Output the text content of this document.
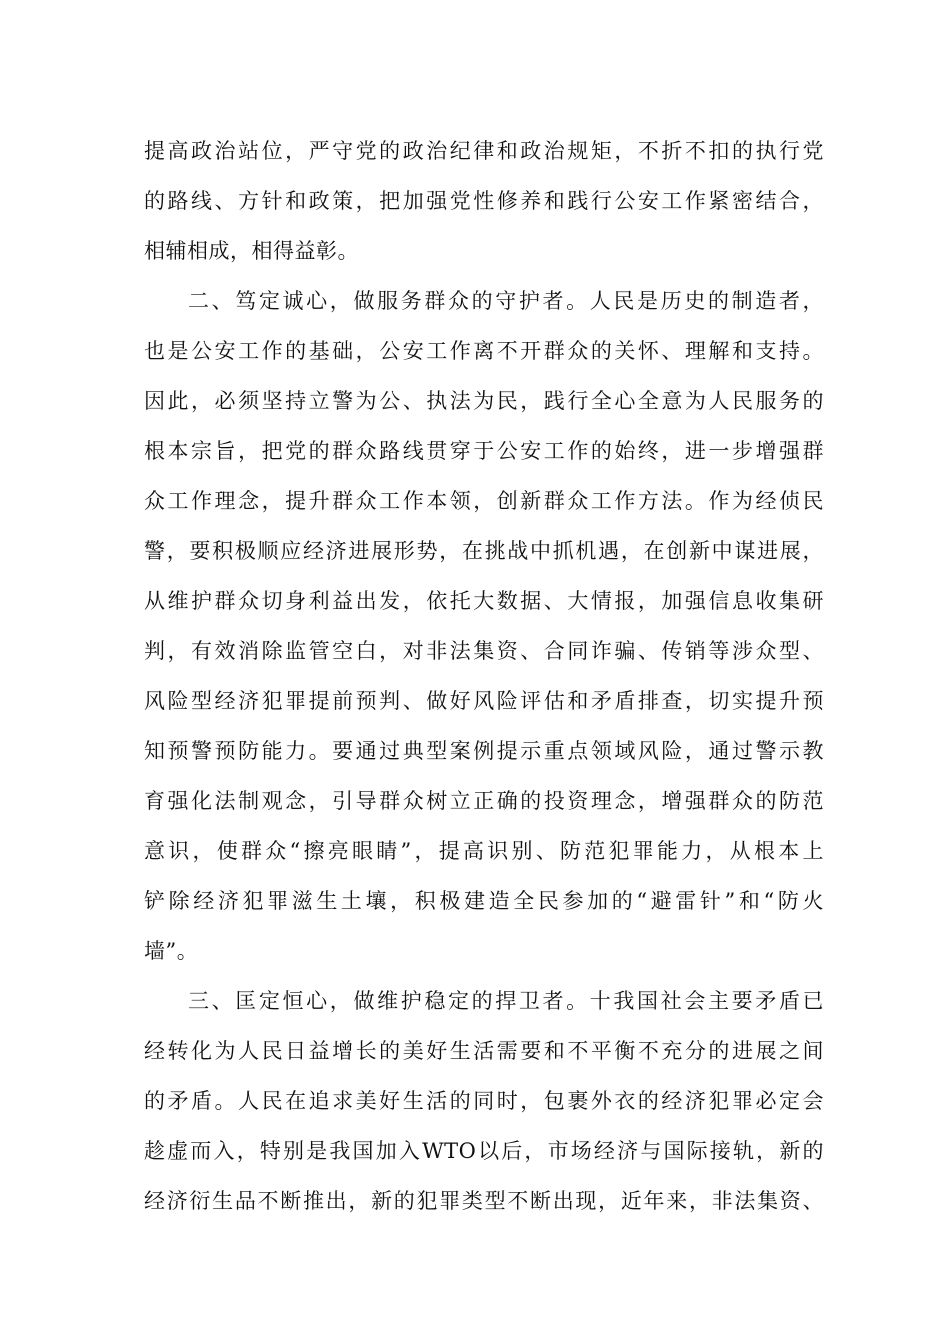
提高政治站位，严守党的政治纪律和政治规矩，不折不扣的执行党
的路线、方针和政策，把加强党性修养和践行公安工作紧密结合，
相辅相成，相得益彰。
二、笃定诚心，做服务群众的守护者。人民是历史的制造者，
也是公安工作的基础，公安工作离不开群众的关怀、理解和支持。
因此，必须坚持立警为公、执法为民，践行全心全意为人民服务的
根本宗旨，把党的群众路线贯穿于公安工作的始终，进一步增强群
众工作理念，提升群众工作本领，创新群众工作方法。作为经侦民
警，要积极顺应经济进展形势，在挑战中抓机遇，在创新中谋进展，
从维护群众切身利益出发，依托大数据、大情报，加强信息收集研
判，有效消除监管空白，对非法集资、合同诈骗、传销等涉众型、
风险型经济犯罪提前预判、做好风险评估和矛盾排查，切实提升预
知预警预防能力。要通过典型案例提示重点领域风险，通过警示教
育强化法制观念，引导群众树立正确的投资理念，增强群众的防范
意识，使群众“擦亮眼睛”，提高识别、防范犯罪能力，从根本上
铲除经济犯罪滋生土壤，积极建造全民参加的“避雷针”和“防火
墙”。
三、匡定恒心，做维护稳定的捍卫者。十我国社会主要矛盾已
经转化为人民日益增长的美好生活需要和不平衡不充分的进展之间
的矛盾。人民在追求美好生活的同时，包裹外衣的经济犯罪必定会
趁虚而入，特别是我国加入WTO以后，市场经济与国际接轨，新的
经济衍生品不断推出，新的犯罪类型不断出现，近年来，非法集资、
